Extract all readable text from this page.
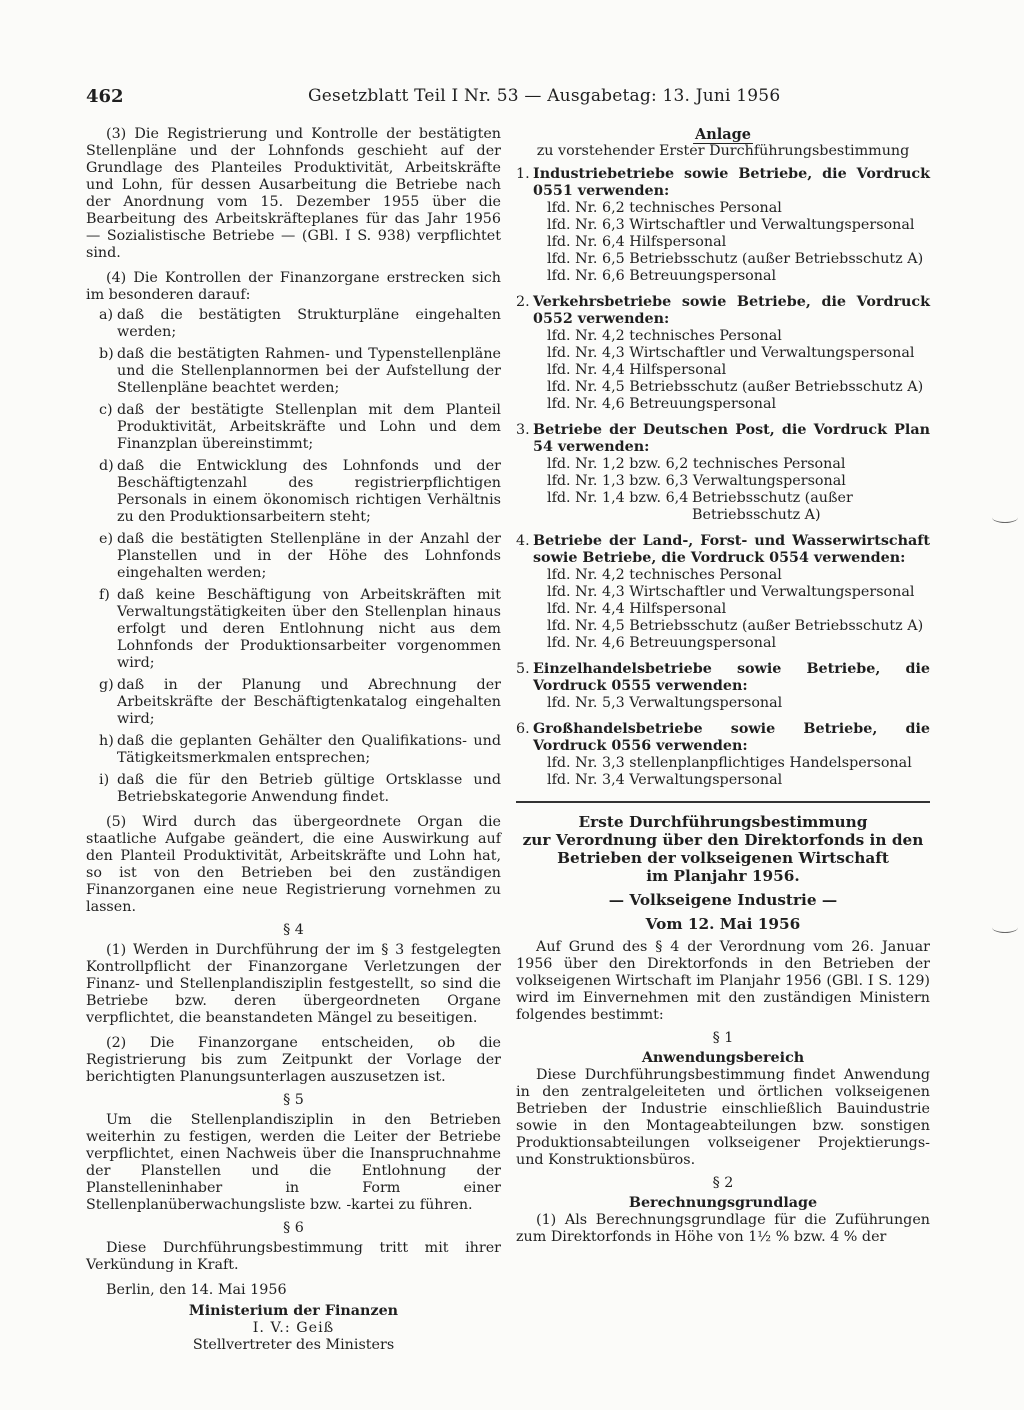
462	Gesetzblatt Teil I Nr. 53 — Ausgabetag: 13. Juni 1956

(3) Die Registrierung und Kontrolle der bestätigten Stellenpläne und der Lohnfonds geschieht auf der Grundlage des Planteiles Produktivität, Arbeitskräfte und Lohn, für dessen Ausarbeitung die Betriebe nach der Anordnung vom 15. Dezember 1955 über die Bearbeitung des Arbeitskräfteplanes für das Jahr 1956 — Sozialistische Betriebe — (GBl. I S. 938) verpflichtet sind.

(4) Die Kontrollen der Finanzorgane erstrecken sich im besonderen darauf:

a) daß die bestätigten Strukturpläne eingehalten werden;
b) daß die bestätigten Rahmen- und Typenstellenpläne und die Stellenplannormen bei der Aufstellung der Stellenpläne beachtet werden;
c) daß der bestätigte Stellenplan mit dem Planteil Produktivität, Arbeitskräfte und Lohn und dem Finanzplan übereinstimmt;
d) daß die Entwicklung des Lohnfonds und der Beschäftigtenzahl des registrierpflichtigen Personals in einem ökonomisch richtigen Verhältnis zu den Produktionsarbeitern steht;
e) daß die bestätigten Stellenpläne in der Anzahl der Planstellen und in der Höhe des Lohnfonds eingehalten werden;
f) daß keine Beschäftigung von Arbeitskräften mit Verwaltungstätigkeiten über den Stellenplan hinaus erfolgt und deren Entlohnung nicht aus dem Lohnfonds der Produktionsarbeiter vorgenommen wird;
g) daß in der Planung und Abrechnung der Arbeitskräfte der Beschäftigtenkatalog eingehalten wird;
h) daß die geplanten Gehälter den Qualifikations- und Tätigkeitsmerkmalen entsprechen;
i) daß die für den Betrieb gültige Ortsklasse und Betriebskategorie Anwendung findet.

(5) Wird durch das übergeordnete Organ die staatliche Aufgabe geändert, die eine Auswirkung auf den Planteil Produktivität, Arbeitskräfte und Lohn hat, so ist von den Betrieben bei den zuständigen Finanzorganen eine neue Registrierung vornehmen zu lassen.

§ 4

(1) Werden in Durchführung der im § 3 festgelegten Kontrollpflicht der Finanzorgane Verletzungen der Finanz- und Stellenplandisziplin festgestellt, so sind die Betriebe bzw. deren übergeordneten Organe verpflichtet, die beanstandeten Mängel zu beseitigen.

(2) Die Finanzorgane entscheiden, ob die Registrierung bis zum Zeitpunkt der Vorlage der berichtigten Planungsunterlagen auszusetzen ist.

§ 5

Um die Stellenplandisziplin in den Betrieben weiterhin zu festigen, werden die Leiter der Betriebe verpflichtet, einen Nachweis über die Inanspruchnahme der Planstellen und die Entlohnung der Planstelleninhaber in Form einer Stellenplanüberwachungsliste bzw. -kartei zu führen.

§ 6

Diese Durchführungsbestimmung tritt mit ihrer Verkündung in Kraft.

Berlin, den 14. Mai 1956

Ministerium der Finanzen

I. V.: Geiß

Stellvertreter des Ministers

Anlage

zu vorstehender Erster Durchführungsbestimmung

1. Industriebetriebe sowie Betriebe, die Vordruck 0551 verwenden:
lfd. Nr. 6,2 technisches Personal
lfd. Nr. 6,3 Wirtschaftler und Verwaltungspersonal
lfd. Nr. 6,4 Hilfspersonal
lfd. Nr. 6,5 Betriebsschutz (außer Betriebsschutz A)
lfd. Nr. 6,6 Betreuungspersonal
2. Verkehrsbetriebe sowie Betriebe, die Vordruck 0552 verwenden:
lfd. Nr. 4,2 technisches Personal
lfd. Nr. 4,3 Wirtschaftler und Verwaltungspersonal
lfd. Nr. 4,4 Hilfspersonal
lfd. Nr. 4,5 Betriebsschutz (außer Betriebsschutz A)
lfd. Nr. 4,6 Betreuungspersonal
3. Betriebe der Deutschen Post, die Vordruck Plan 54 verwenden:
lfd. Nr. 1,2 bzw. 6,2 technisches Personal
lfd. Nr. 1,3 bzw. 6,3 Verwaltungspersonal
lfd. Nr. 1,4 bzw. 6,4 Betriebsschutz (außer Betriebsschutz A)
4. Betriebe der Land-, Forst- und Wasserwirtschaft sowie Betriebe, die Vordruck 0554 verwenden:
lfd. Nr. 4,2 technisches Personal
lfd. Nr. 4,3 Wirtschaftler und Verwaltungspersonal
lfd. Nr. 4,4 Hilfspersonal
lfd. Nr. 4,5 Betriebsschutz (außer Betriebsschutz A)
lfd. Nr. 4,6 Betreuungspersonal
5. Einzelhandelsbetriebe sowie Betriebe, die Vordruck 0555 verwenden:
lfd. Nr. 5,3 Verwaltungspersonal
6. Großhandelsbetriebe sowie Betriebe, die Vordruck 0556 verwenden:
lfd. Nr. 3,3 stellenplanpflichtiges Handelspersonal
lfd. Nr. 3,4 Verwaltungspersonal

Erste Durchführungsbestimmung

zur Verordnung über den Direktorfonds in den

Betrieben der volkseigenen Wirtschaft

im Planjahr 1956.

— Volkseigene Industrie —

Vom 12. Mai 1956

Auf Grund des § 4 der Verordnung vom 26. Januar 1956 über den Direktorfonds in den Betrieben der volkseigenen Wirtschaft im Planjahr 1956 (GBl. I S. 129) wird im Einvernehmen mit den zuständigen Ministern folgendes bestimmt:

§ 1

Anwendungsbereich

Diese Durchführungsbestimmung findet Anwendung in den zentralgeleiteten und örtlichen volkseigenen Betrieben der Industrie einschließlich Bauindustrie sowie in den Montageabteilungen bzw. sonstigen Produktionsabteilungen volkseigener Projektierungs- und Konstruktionsbüros.

§ 2

Berechnungsgrundlage

(1) Als Berechnungsgrundlage für die Zuführungen zum Direktorfonds in Höhe von 1½ % bzw. 4 % der
